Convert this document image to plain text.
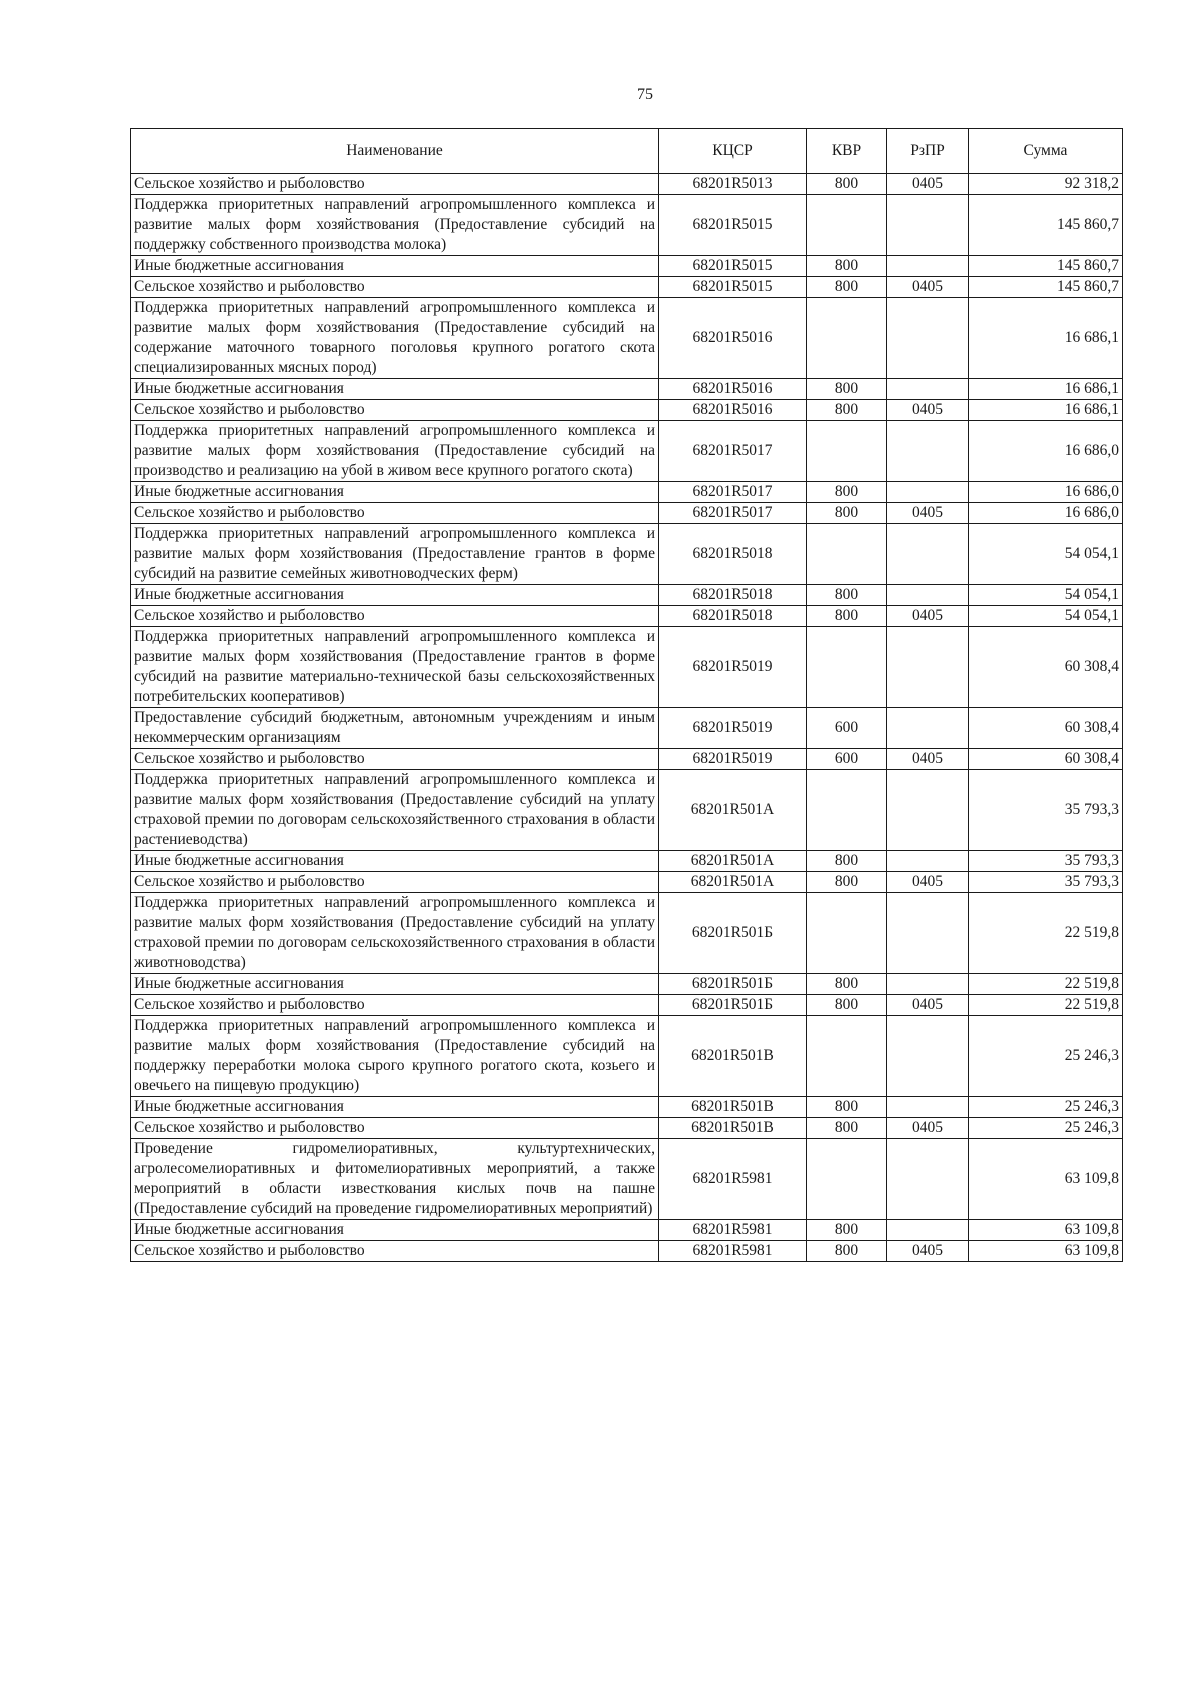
75
Наименование	КЦСР	КВР	РзПР	Сумма
Сельское хозяйство и рыболовство	68201R5013	800	0405	92 318,2
Поддержка приоритетных направлений агропромышленного комплекса и развитие малых форм хозяйствования (Предоставление субсидий на поддержку собственного производства молока)	68201R5015			145 860,7
Иные бюджетные ассигнования	68201R5015	800		145 860,7
Сельское хозяйство и рыболовство	68201R5015	800	0405	145 860,7
Поддержка приоритетных направлений агропромышленного комплекса и развитие малых форм хозяйствования (Предоставление субсидий на содержание маточного товарного поголовья крупного рогатого скота специализированных мясных пород)	68201R5016			16 686,1
Иные бюджетные ассигнования	68201R5016	800		16 686,1
Сельское хозяйство и рыболовство	68201R5016	800	0405	16 686,1
Поддержка приоритетных направлений агропромышленного комплекса и развитие малых форм хозяйствования (Предоставление субсидий на производство и реализацию на убой в живом весе крупного рогатого скота)	68201R5017			16 686,0
Иные бюджетные ассигнования	68201R5017	800		16 686,0
Сельское хозяйство и рыболовство	68201R5017	800	0405	16 686,0
Поддержка приоритетных направлений агропромышленного комплекса и развитие малых форм хозяйствования (Предоставление грантов в форме субсидий на развитие семейных животноводческих ферм)	68201R5018			54 054,1
Иные бюджетные ассигнования	68201R5018	800		54 054,1
Сельское хозяйство и рыболовство	68201R5018	800	0405	54 054,1
Поддержка приоритетных направлений агропромышленного комплекса и развитие малых форм хозяйствования (Предоставление грантов в форме субсидий на развитие материально-технической базы сельскохозяйственных потребительских кооперативов)	68201R5019			60 308,4
Предоставление субсидий бюджетным, автономным учреждениям и иным некоммерческим организациям	68201R5019	600		60 308,4
Сельское хозяйство и рыболовство	68201R5019	600	0405	60 308,4
Поддержка приоритетных направлений агропромышленного комплекса и развитие малых форм хозяйствования (Предоставление субсидий на уплату страховой премии по договорам сельскохозяйственного страхования в области растениеводства)	68201R501А			35 793,3
Иные бюджетные ассигнования	68201R501А	800		35 793,3
Сельское хозяйство и рыболовство	68201R501А	800	0405	35 793,3
Поддержка приоритетных направлений агропромышленного комплекса и развитие малых форм хозяйствования (Предоставление субсидий на уплату страховой премии по договорам сельскохозяйственного страхования в области животноводства)	68201R501Б			22 519,8
Иные бюджетные ассигнования	68201R501Б	800		22 519,8
Сельское хозяйство и рыболовство	68201R501Б	800	0405	22 519,8
Поддержка приоритетных направлений агропромышленного комплекса и развитие малых форм хозяйствования (Предоставление субсидий на поддержку переработки молока сырого крупного рогатого скота, козьего и овечьего на пищевую продукцию)	68201R501В			25 246,3
Иные бюджетные ассигнования	68201R501В	800		25 246,3
Сельское хозяйство и рыболовство	68201R501В	800	0405	25 246,3
Проведение гидромелиоративных, культуртехнических, агролесомелиоративных и фитомелиоративных мероприятий, а также мероприятий в области известкования кислых почв на пашне (Предоставление субсидий на проведение гидромелиоративных мероприятий)	68201R5981			63 109,8
Иные бюджетные ассигнования	68201R5981	800		63 109,8
Сельское хозяйство и рыболовство	68201R5981	800	0405	63 109,8
